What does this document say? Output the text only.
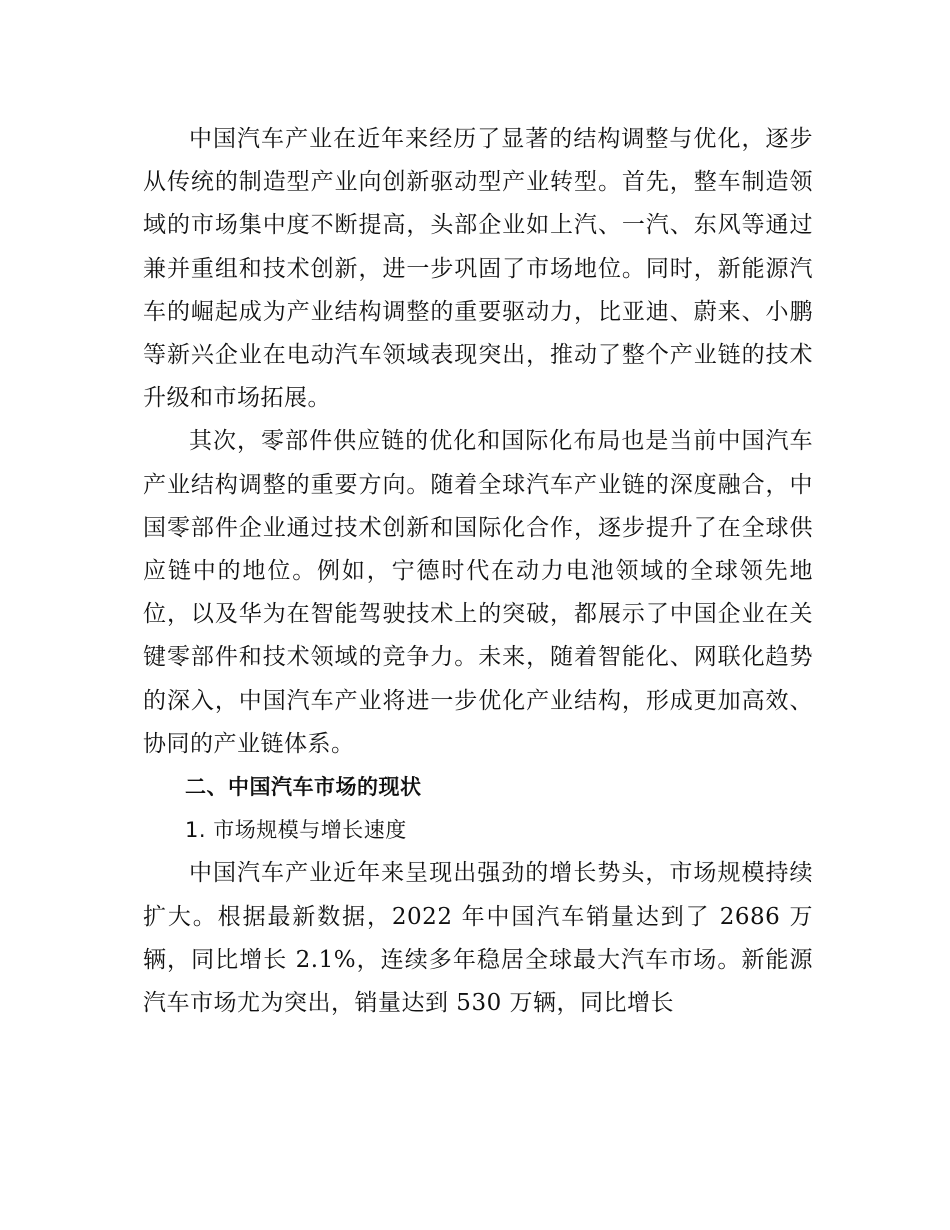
中国汽车产业在近年来经历了显著的结构调整与优化，逐步从传统的制造型产业向创新驱动型产业转型。首先，整车制造领域的市场集中度不断提高，头部企业如上汽、一汽、东风等通过兼并重组和技术创新，进一步巩固了市场地位。同时，新能源汽车的崛起成为产业结构调整的重要驱动力，比亚迪、蔚来、小鹏等新兴企业在电动汽车领域表现突出，推动了整个产业链的技术升级和市场拓展。

其次，零部件供应链的优化和国际化布局也是当前中国汽车产业结构调整的重要方向。随着全球汽车产业链的深度融合，中国零部件企业通过技术创新和国际化合作，逐步提升了在全球供应链中的地位。例如，宁德时代在动力电池领域的全球领先地位，以及华为在智能驾驶技术上的突破，都展示了中国企业在关键零部件和技术领域的竞争力。未来，随着智能化、网联化趋势的深入，中国汽车产业将进一步优化产业结构，形成更加高效、协同的产业链体系。

二、中国汽车市场的现状

1. 市场规模与增长速度

中国汽车产业近年来呈现出强劲的增长势头，市场规模持续扩大。根据最新数据，2022 年中国汽车销量达到了 2686 万辆，同比增长 2.1%，连续多年稳居全球最大汽车市场。新能源汽车市场尤为突出，销量达到 530 万辆，同比增长
